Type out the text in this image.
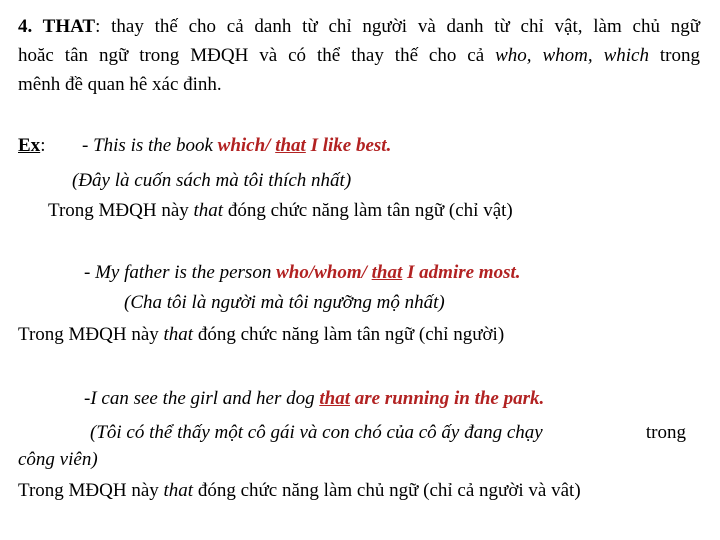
4. THAT: thay thế cho cả danh từ chỉ người và danh từ chỉ vật, làm chủ ngữ
hoăc tân ngữ trong MĐQH và có thể thay thế cho cả who, whom, which trong
mênh đề quan hê xác đinh.
Ex: - This is the book which/ that I like best.
(Đây là cuốn sách mà tôi thích nhất)
Trong MĐQH này that đóng chức năng làm tân ngữ (chỉ vật)
- My father is the person who/whom/ that I admire most.
(Cha tôi là người mà tôi ngưỡng mộ nhất)
Trong MĐQH này that đóng chức năng làm tân ngữ (chỉ người)
-I can see the girl and her dog that are running in the park.
(Tôi có thể thấy một cô gái và con chó của cô ấy đang chạy	trong
công viên)
Trong MĐQH này that đóng chức năng làm chủ ngữ (chỉ cả người và vât)
